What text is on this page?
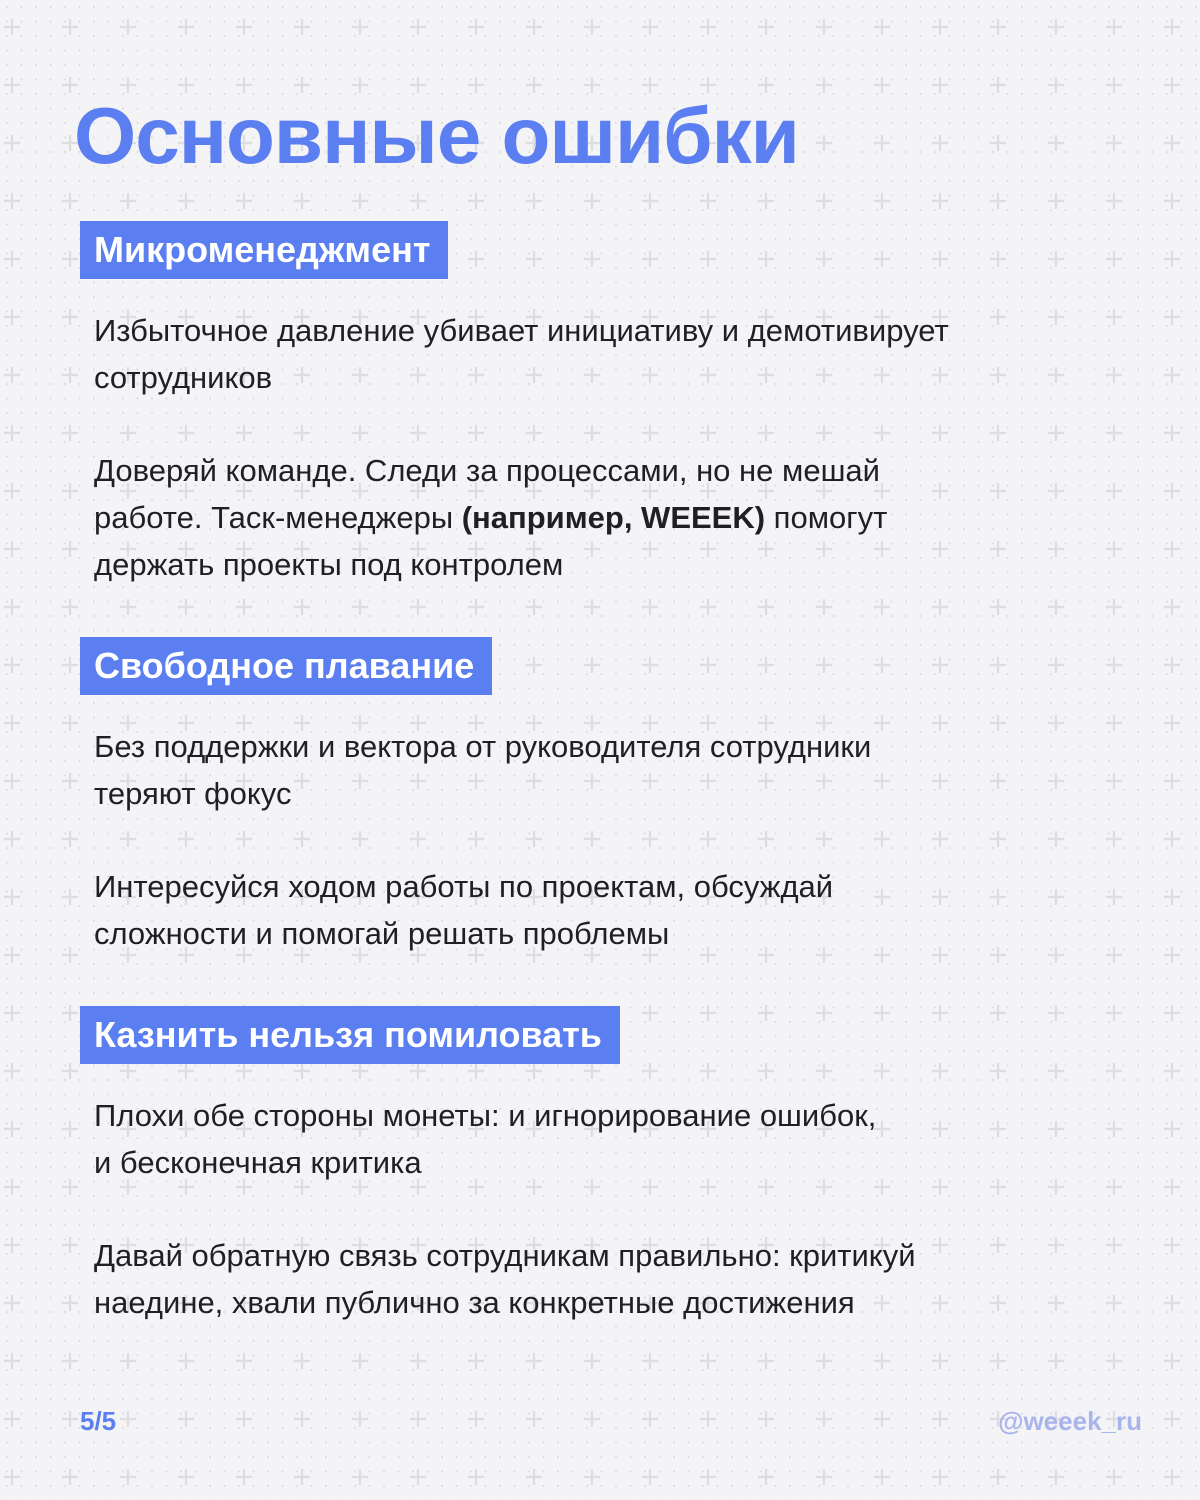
Основные ошибки
Микроменеджмент

Избыточное давление убивает инициативу и демотивирует
сотрудников

Доверяй команде. Следи за процессами, но не мешай
работе. Таск-менеджеры (например, WEEEK) помогут
держать проекты под контролем

Свободное плавание

Без поддержки и вектора от руководителя сотрудники
теряют фокус

Интересуйся ходом работы по проектам, обсуждай
сложности и помогай решать проблемы

Казнить нельзя помиловать

Плохи обе стороны монеты: и игнорирование ошибок,
и бесконечная критика

Давай обратную связь сотрудникам правильно: критикуй
наедине, хвали публично за конкретные достижения

5/5	@weeek_ru
